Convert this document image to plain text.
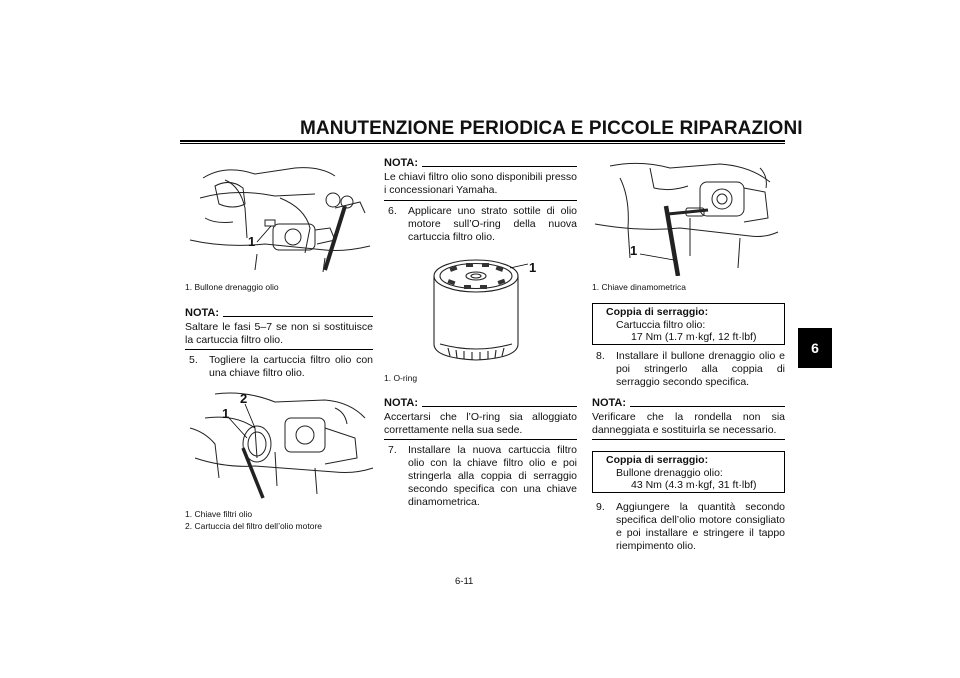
MANUTENZIONE PERIODICA E PICCOLE RIPARAZIONI
6
1
1. Bullone drenaggio olio
NOTA:
Saltare le fasi 5–7 se non si sostituisce la cartuccia filtro olio.
5.	Togliere la cartuccia filtro olio con una chiave filtro olio.
1
2
1. Chiave filtri olio
2. Cartuccia del filtro dell’olio motore
NOTA:
Le chiavi filtro olio sono disponibili presso i concessionari Yamaha.
6.	Applicare uno strato sottile di olio motore sull’O-ring della nuova cartuccia filtro olio.
1
1. O-ring
NOTA:
Accertarsi che l’O-ring sia alloggiato correttamente nella sua sede.
7.	Installare la nuova cartuccia filtro olio con la chiave filtro olio e poi stringerla alla coppia di serraggio secondo specifica con una chiave dinamometrica.
1
1. Chiave dinamometrica
Coppia di serraggio:
Cartuccia filtro olio:
17 Nm (1.7 m·kgf, 12 ft·lbf)
8.	Installare il bullone drenaggio olio e poi stringerlo alla coppia di serraggio secondo specifica.
NOTA:
Verificare che la rondella non sia danneggiata e sostituirla se necessario.
Coppia di serraggio:
Bullone drenaggio olio:
43 Nm (4.3 m·kgf, 31 ft·lbf)
9.	Aggiungere la quantità secondo specifica dell’olio motore consigliato e poi installare e stringere il tappo riempimento olio.
6-11
